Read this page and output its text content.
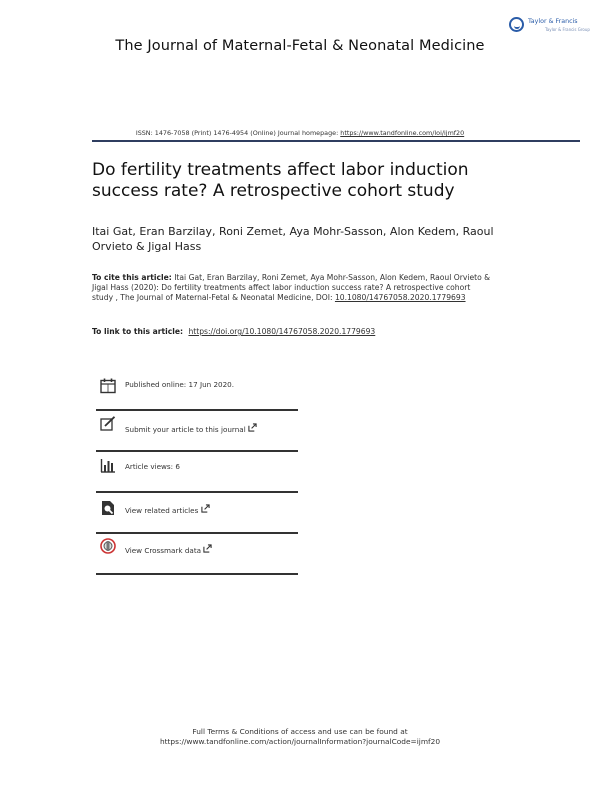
Taylor & Francis
Taylor & Francis Group
The Journal of Maternal-Fetal & Neonatal Medicine
ISSN: 1476-7058 (Print) 1476-4954 (Online) Journal homepage: https://www.tandfonline.com/loi/ijmf20
Do fertility treatments affect labor induction
success rate? A retrospective cohort study
Itai Gat, Eran Barzilay, Roni Zemet, Aya Mohr-Sasson, Alon Kedem, Raoul
Orvieto & Jigal Hass
To cite this article: Itai Gat, Eran Barzilay, Roni Zemet, Aya Mohr-Sasson, Alon Kedem, Raoul Orvieto & Jigal Hass (2020): Do fertility treatments affect labor induction success rate? A retrospective cohort study , The Journal of Maternal-Fetal & Neonatal Medicine, DOI: 10.1080/14767058.2020.1779693
To link to this article: https://doi.org/10.1080/14767058.2020.1779693
Published online: 17 Jun 2020.
Submit your article to this journal
Article views: 6
View related articles
View Crossmark data
Full Terms & Conditions of access and use can be found at
https://www.tandfonline.com/action/journalInformation?journalCode=ijmf20
